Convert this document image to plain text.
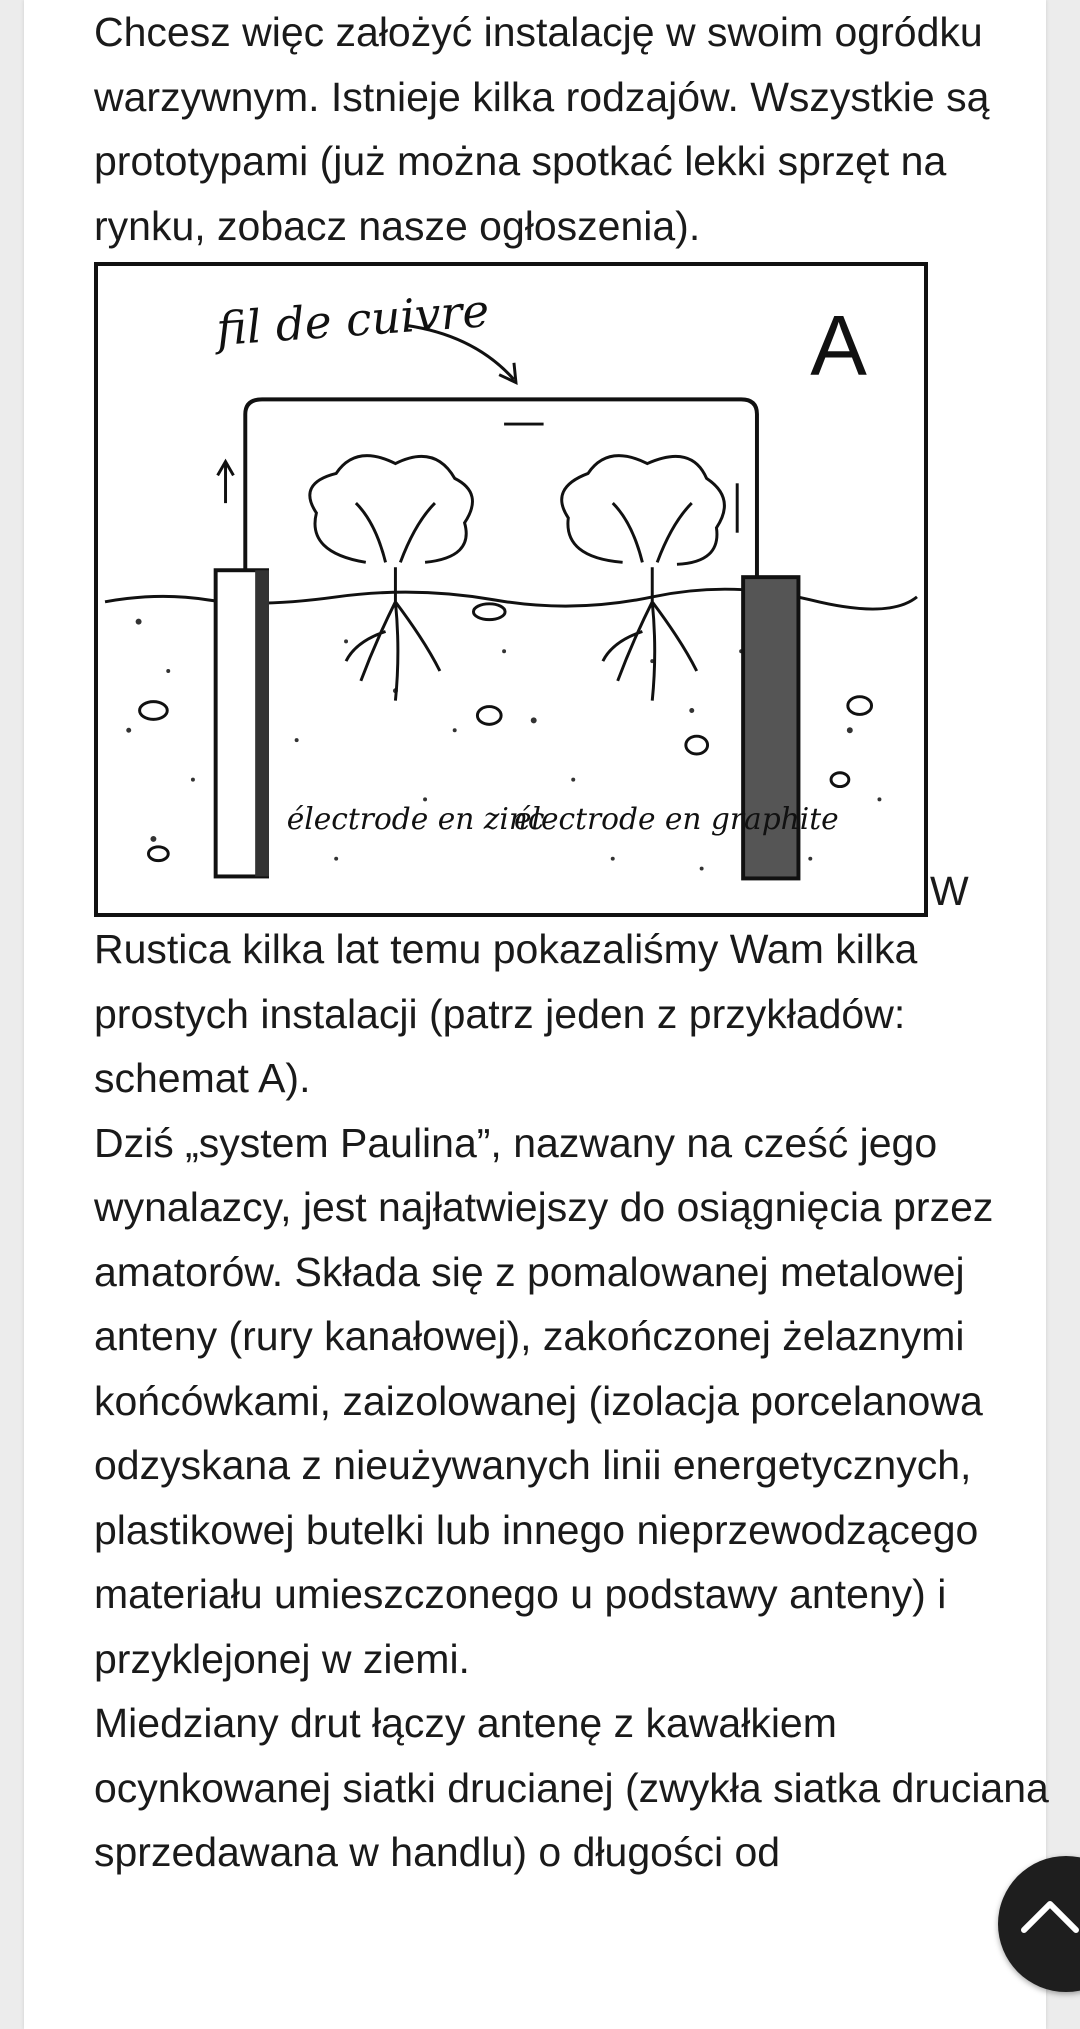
Chcesz więc założyć instalację w swoim ogródku warzywnym. Istnieje kilka rodzajów. Wszystkie są prototypami (już można spotkać lekki sprzęt na rynku, zobacz nasze ogłoszenia).

fil de cuivre	A
électrode en zinc
électrode en graphite
W

Rustica kilka lat temu pokazaliśmy Wam kilka prostych instalacji (patrz jeden z przykładów: schemat A).

Dziś „system Paulina”, nazwany na cześć jego wynalazcy, jest najłatwiejszy do osiągnięcia przez amatorów. Składa się z pomalowanej metalowej anteny (rury kanałowej), zakończonej żelaznymi końcówkami, zaizolowanej (izolacja porcelanowa odzyskana z nieużywanych linii energetycznych, plastikowej butelki lub innego nieprzewodzącego materiału umieszczonego u podstawy anteny) i przyklejonej w ziemi.

Miedziany drut łączy antenę z kawałkiem ocynkowanej siatki drucianej (zwykła siatka druciana sprzedawana w handlu) o długości od
